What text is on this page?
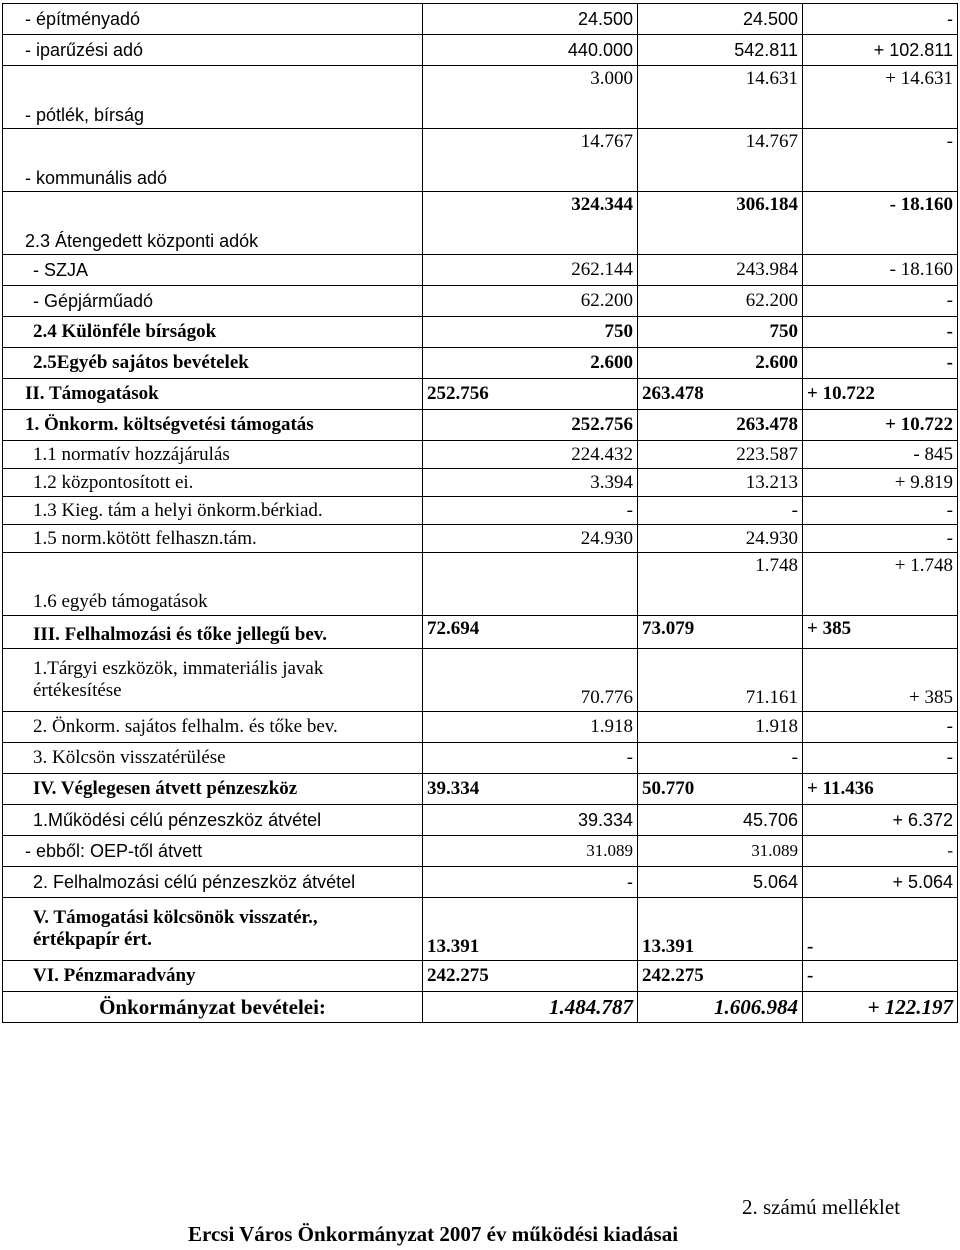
- építményadó	24.500	24.500	-
- iparűzési adó	440.000	542.811	+ 102.811
- pótlék, bírság	3.000	14.631	+ 14.631
- kommunális adó	14.767	14.767	-
2.3 Átengedett központi adók	324.344	306.184	- 18.160
- SZJA	262.144	243.984	- 18.160
- Gépjárműadó	62.200	62.200	-
2.4 Különféle bírságok	750	750	-
2.5Egyéb sajátos bevételek	2.600	2.600	-
II. Támogatások	252.756	263.478	+ 10.722
1. Önkorm. költségvetési támogatás	252.756	263.478	+ 10.722
1.1 normatív hozzájárulás	224.432	223.587	- 845
1.2 központosított ei.	3.394	13.213	+ 9.819
1.3 Kieg. tám a helyi önkorm.bérkiad.	-	-	-
1.5 norm.kötött felhaszn.tám.	24.930	24.930	-
1.6 egyéb támogatások		1.748	+ 1.748
III. Felhalmozási és tőke jellegű bev.	72.694	73.079	+ 385

1.Tárgyi eszközök, immateriális javak
értékesítése	70.776	71.161	+ 385
2. Önkorm. sajátos felhalm. és tőke bev.	1.918	1.918	-
3. Kölcsön visszatérülése	-	-	-
IV. Véglegesen átvett pénzeszköz	39.334	50.770	+ 11.436
1.Működési célú pénzeszköz átvétel	39.334	45.706	+ 6.372
- ebből: OEP-től átvett	31.089	31.089	-
2. Felhalmozási célú pénzeszköz átvétel	-	5.064	+ 5.064

V. Támogatási kölcsönök visszatér.,
értékpapír ért.	13.391	13.391	-
VI. Pénzmaradvány	242.275	242.275	-
Önkormányzat bevételei:	1.484.787	1.606.984	+ 122.197
2. számú melléklet
Ercsi Város Önkormányzat 2007 év működési kiadásai
